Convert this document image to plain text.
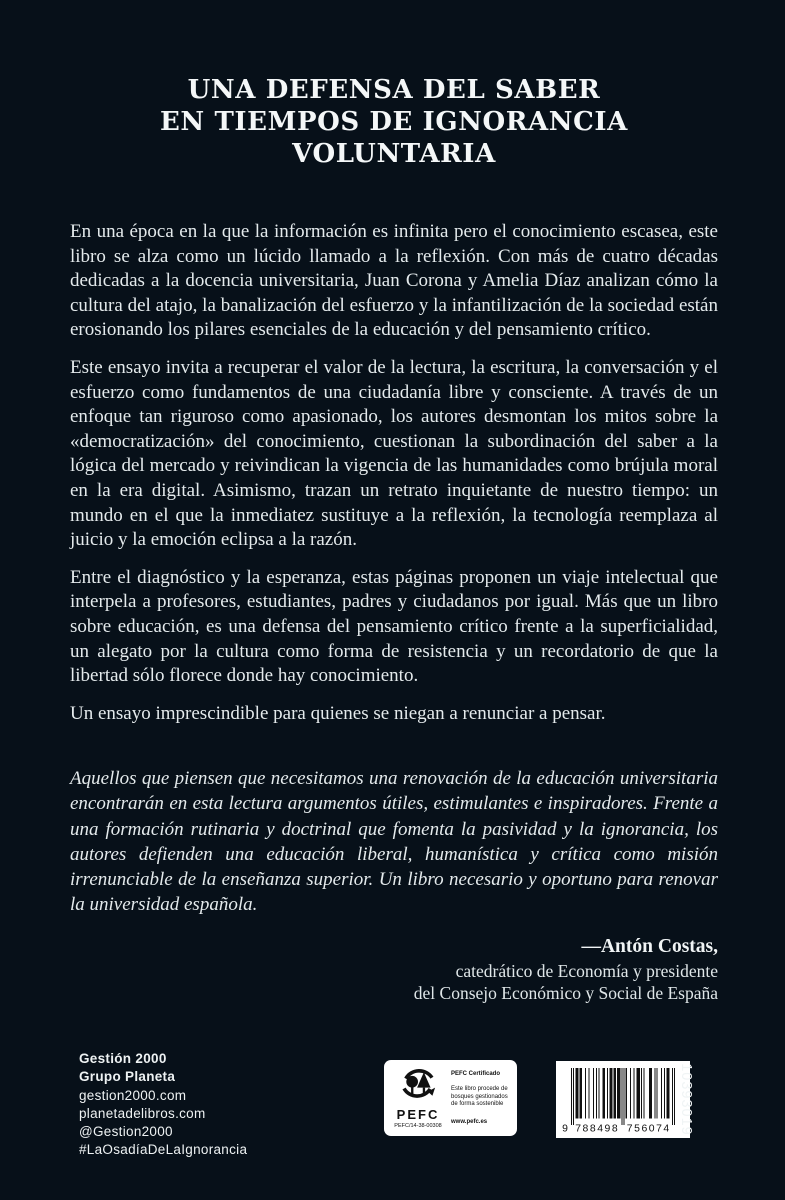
UNA DEFENSA DEL SABER
EN TIEMPOS DE IGNORANCIA VOLUNTARIA

En una época en la que la información es infinita pero el conocimiento escasea, este libro se alza como un lúcido llamado a la reflexión. Con más de cuatro décadas dedicadas a la docencia universitaria, Juan Corona y Amelia Díaz analizan cómo la cultura del atajo, la banalización del esfuerzo y la infantilización de la sociedad están erosionando los pilares esenciales de la educación y del pensamiento crítico.

Este ensayo invita a recuperar el valor de la lectura, la escritura, la conversación y el esfuerzo como fundamentos de una ciudadanía libre y consciente. A través de un enfoque tan riguroso como apasionado, los autores desmontan los mitos sobre la «democratización» del conocimiento, cuestionan la subordinación del saber a la lógica del mercado y reivindican la vigencia de las humanidades como brújula moral en la era digital. Asimismo, trazan un retrato inquietante de nuestro tiempo: un mundo en el que la inmediatez sustituye a la reflexión, la tecnología reemplaza al juicio y la emoción eclipsa a la razón.

Entre el diagnóstico y la esperanza, estas páginas proponen un viaje intelectual que interpela a profesores, estudiantes, padres y ciudadanos por igual. Más que un libro sobre educación, es una defensa del pensamiento crítico frente a la superficialidad, un alegato por la cultura como forma de resistencia y un recordatorio de que la libertad sólo florece donde hay conocimiento.

Un ensayo imprescindible para quienes se niegan a renunciar a pensar.

Aquellos que piensen que necesitamos una renovación de la educación universitaria encontrarán en esta lectura argumentos útiles, estimulantes e inspiradores. Frente a una formación rutinaria y doctrinal que fomenta la pasividad y la ignorancia, los autores defienden una educación liberal, humanística y crítica como misión irrenunciable de la enseñanza superior. Un libro necesario y oportuno para renovar la universidad española.

—Antón Costas,
catedrático de Economía y presidente
del Consejo Económico y Social de España
Gestión 2000
Grupo Planeta
gestion2000.com
planetadelibros.com
@Gestion2000
#LaOsadíaDeLaIgnorancia
PEFC
PEFC/14-38-00308
PEFC Certificado
Este libro procede de bosques gestionados de forma sostenible
www.pefc.es
9 788498 756074 10393019
